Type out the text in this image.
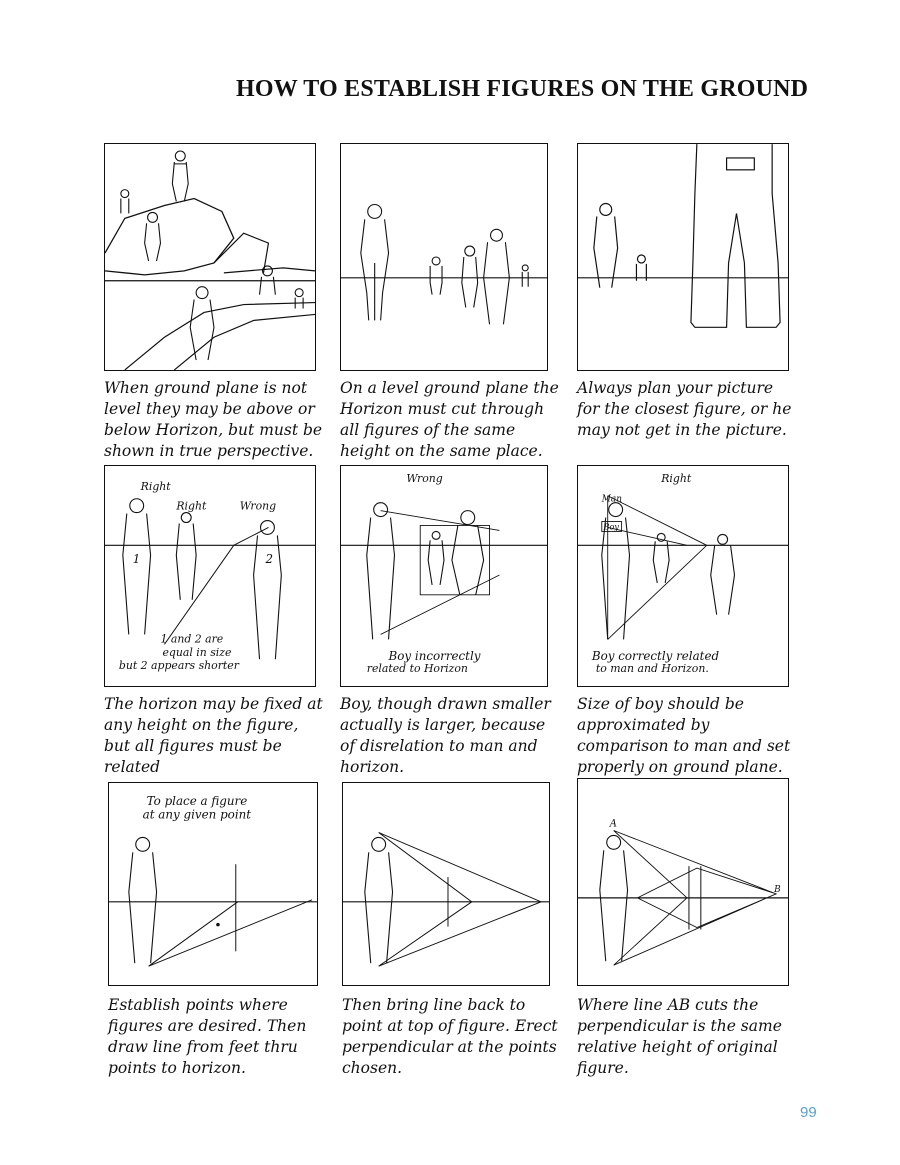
HOW TO ESTABLISH FIGURES ON THE GROUND
When ground plane is not level they may be above or below Horizon, but must be shown in true perspective.
On a level ground plane the Horizon must cut through all figures of the same height on the same place.
Always plan your picture for the closest figure, or he may not get in the picture.
Right
Right	Wrong
1	2
1 and 2 are
equal in size
but 2 appears shorter
The horizon may be fixed at any height on the figure, but all figures must be related
Wrong
Boy incorrectly
related to Horizon
Boy, though drawn smaller actually is larger, because of disrelation to man and horizon.
Right
Man
Boy
Boy correctly related
to man and Horizon.
Size of boy should be approximated by comparison to man and set properly on ground plane.
To place a figure
at any given point
Establish points where figures are desired. Then draw line from feet thru points to horizon.
Then bring line back to point at top of figure. Erect perpendicular at the points chosen.
A
B
Where line AB cuts the perpendicular is the same relative height of original figure.
99
